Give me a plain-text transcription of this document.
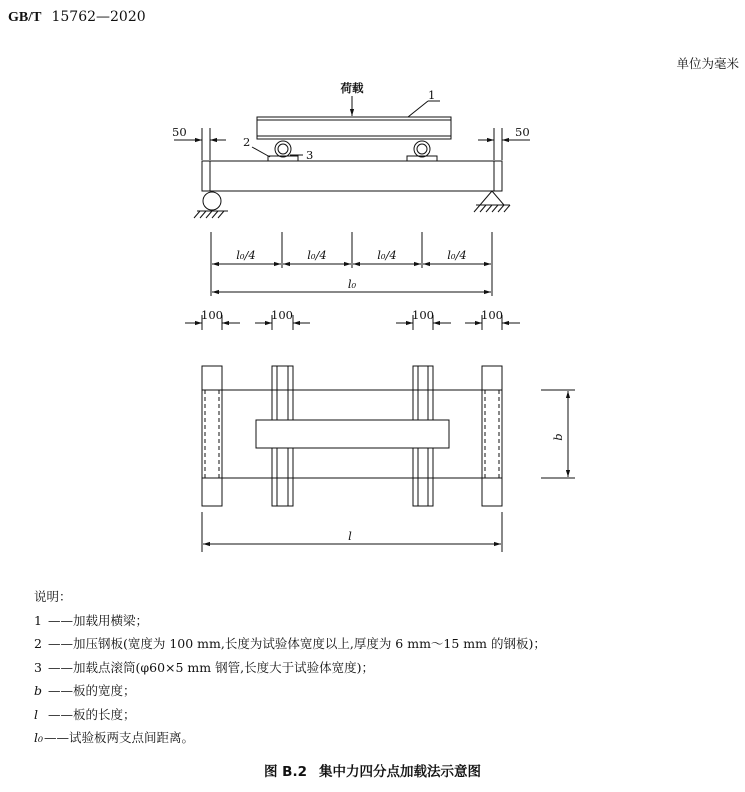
GB/T 15762—2020
单位为毫米
荷载	1
2
3
50	50
l₀/4	l₀/4	l₀/4	l₀/4
l₀
100	100	100	100
b
l
说明：
1 ——加载用横梁；
2 ——加压钢板(宽度为 100 mm,长度为试验体宽度以上,厚度为 6 mm～15 mm 的钢板)；
3 ——加载点滚筒(φ60×5 mm 钢管,长度大于试验体宽度)；
b ——板的宽度；
l ——板的长度；
l₀——试验板两支点间距离。
图 B.2 集中力四分点加载法示意图
